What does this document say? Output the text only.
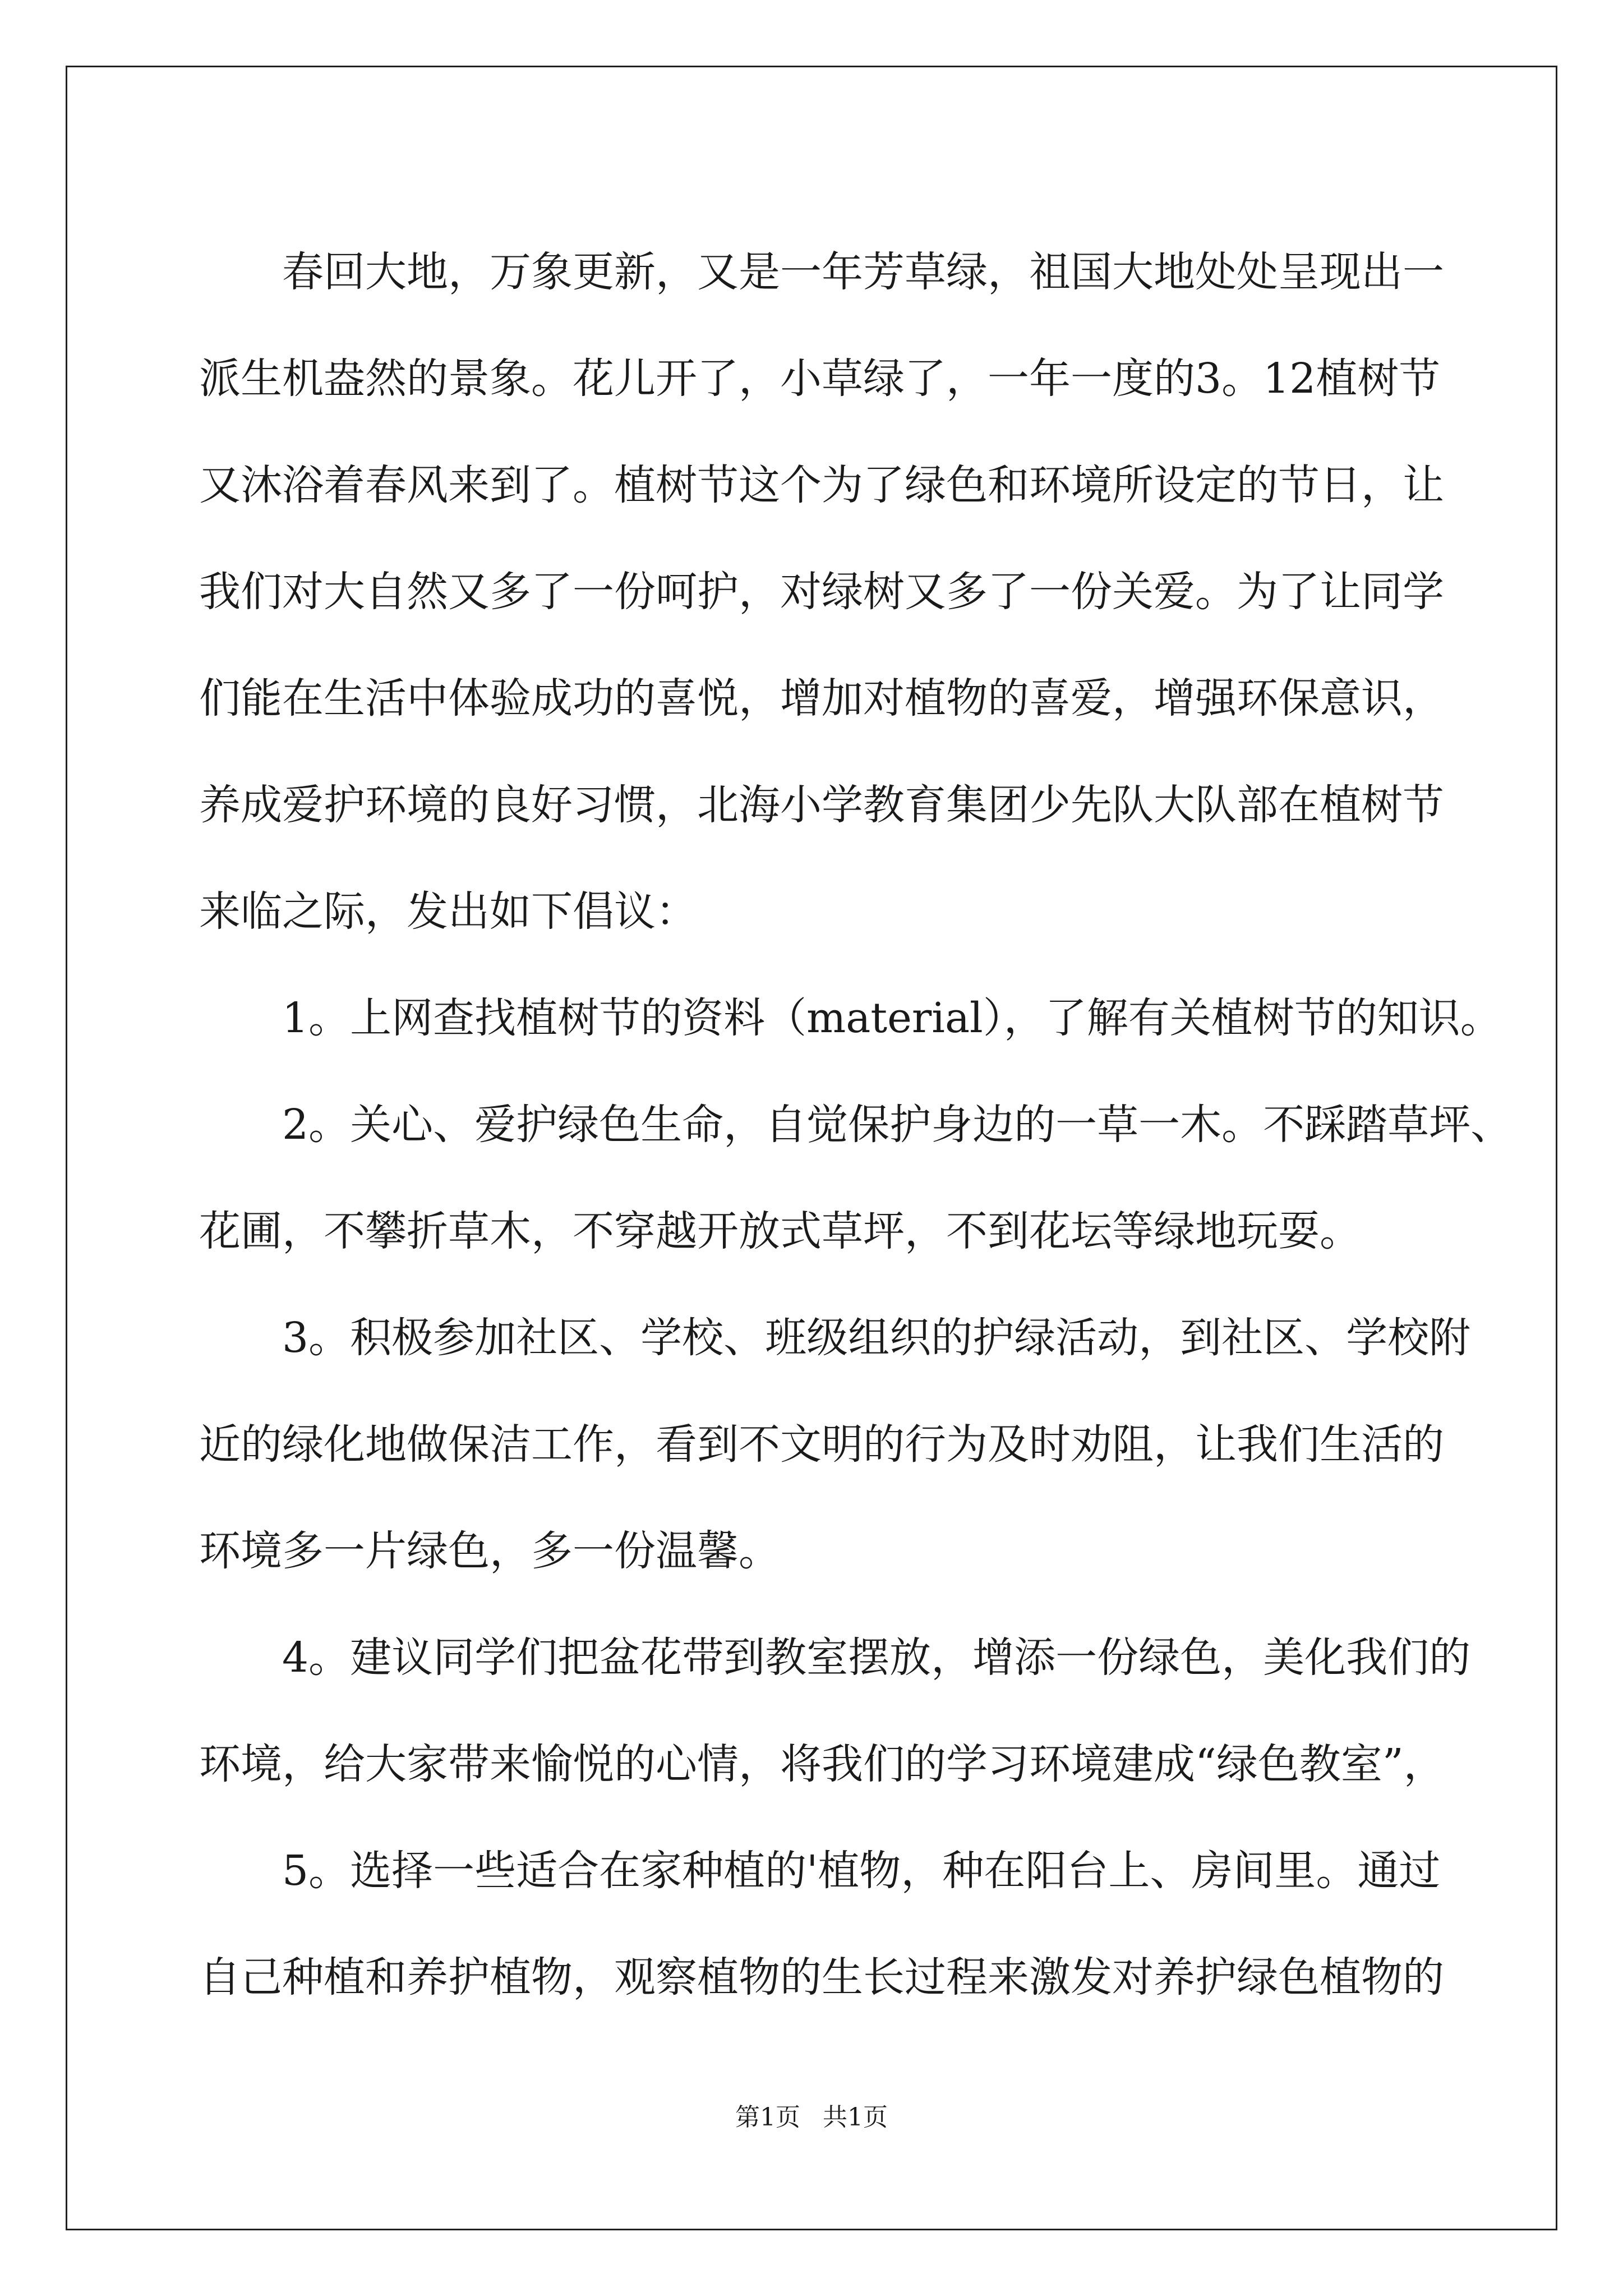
春回大地，万象更新，又是一年芳草绿，祖国大地处处呈现出一
派生机盎然的景象。花儿开了，小草绿了，一年一度的3。12植树节
又沐浴着春风来到了。植树节这个为了绿色和环境所设定的节日，让
我们对大自然又多了一份呵护，对绿树又多了一份关爱。为了让同学
们能在生活中体验成功的喜悦，增加对植物的喜爱，增强环保意识，
养成爱护环境的良好习惯，北海小学教育集团少先队大队部在植树节
来临之际，发出如下倡议：
1。上网查找植树节的资料（material），了解有关植树节的知识。
2。关心、爱护绿色生命，自觉保护身边的一草一木。不踩踏草坪、
花圃，不攀折草木，不穿越开放式草坪，不到花坛等绿地玩耍。
3。积极参加社区、学校、班级组织的护绿活动，到社区、学校附
近的绿化地做保洁工作，看到不文明的行为及时劝阻，让我们生活的
环境多一片绿色，多一份温馨。
4。建议同学们把盆花带到教室摆放，增添一份绿色，美化我们的
环境，给大家带来愉悦的心情，将我们的学习环境建成“绿色教室”，
5。选择一些适合在家种植的'植物，种在阳台上、房间里。通过
自己种植和养护植物，观察植物的生长过程来激发对养护绿色植物的
第1页 共1页
